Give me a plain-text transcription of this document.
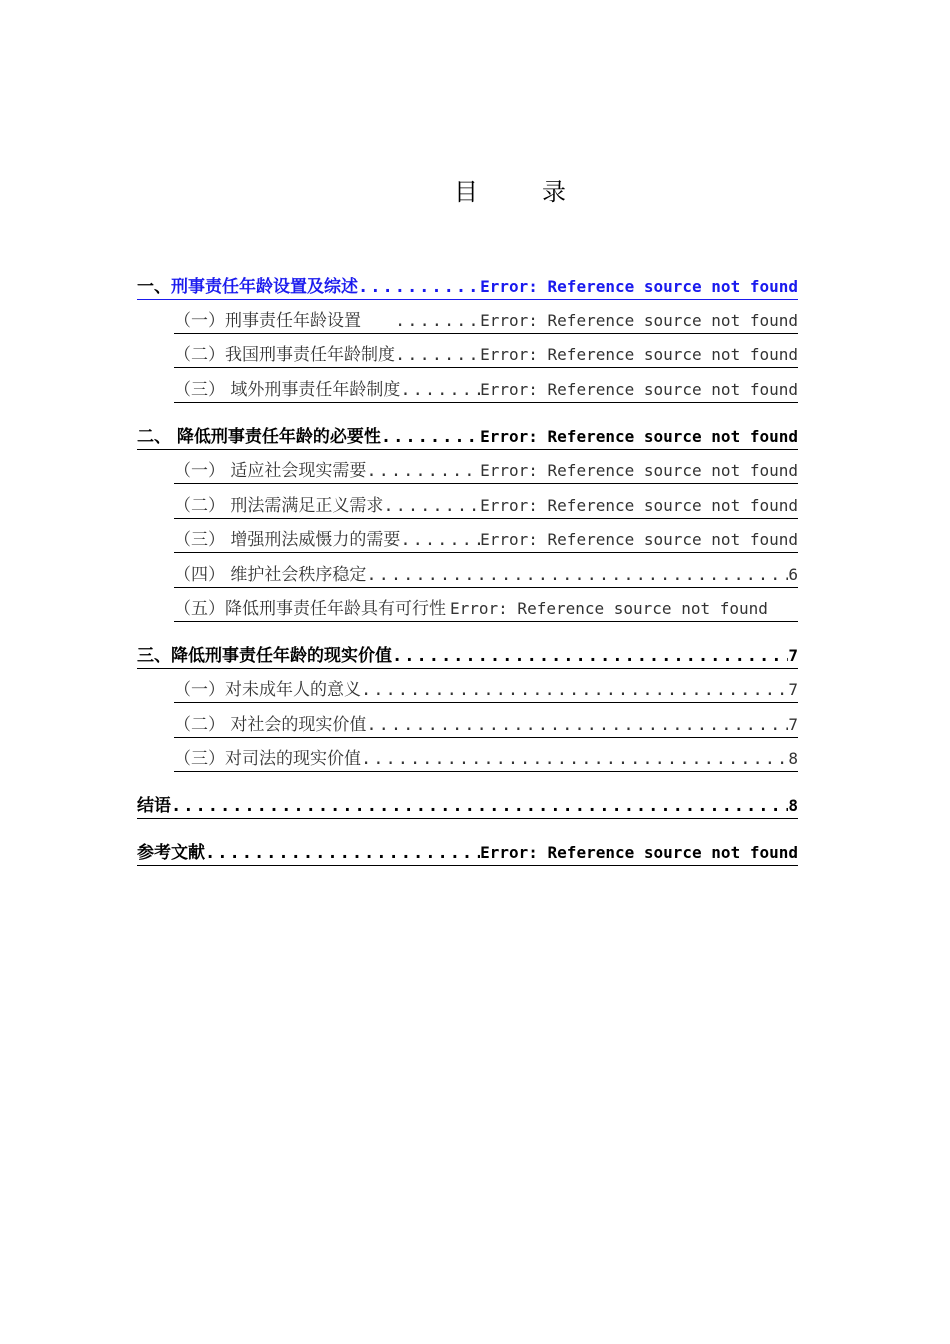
目　录
一、 刑事责任年龄设置及综述 .....	Error: Reference source not found
（一）刑事责任年龄设置　　 .....	Error: Reference source not found
（二）我国刑事责任年龄制度 .....	Error: Reference source not found
（三） 域外刑事责任年龄制度 .....	Error: Reference source not found
二、 降低刑事责任年龄的必要性 .....	Error: Reference source not found
（一） 适应社会现实需要 .....	Error: Reference source not found
（二） 刑法需满足正义需求 .....	Error: Reference source not found
（三） 增强刑法威慑力的需要 .....	Error: Reference source not found
（四） 维护社会秩序稳定 .....	6
（五）降低刑事责任年龄具有可行性 ..... Error: Reference source not found
三、降低刑事责任年龄的现实价值 .....	7
（一）对未成年人的意义 .....	7
（二） 对社会的现实价值 .....	7
（三）对司法的现实价值 .....	8
结语 .....	8
参考文献 .....	Error: Reference source not found
